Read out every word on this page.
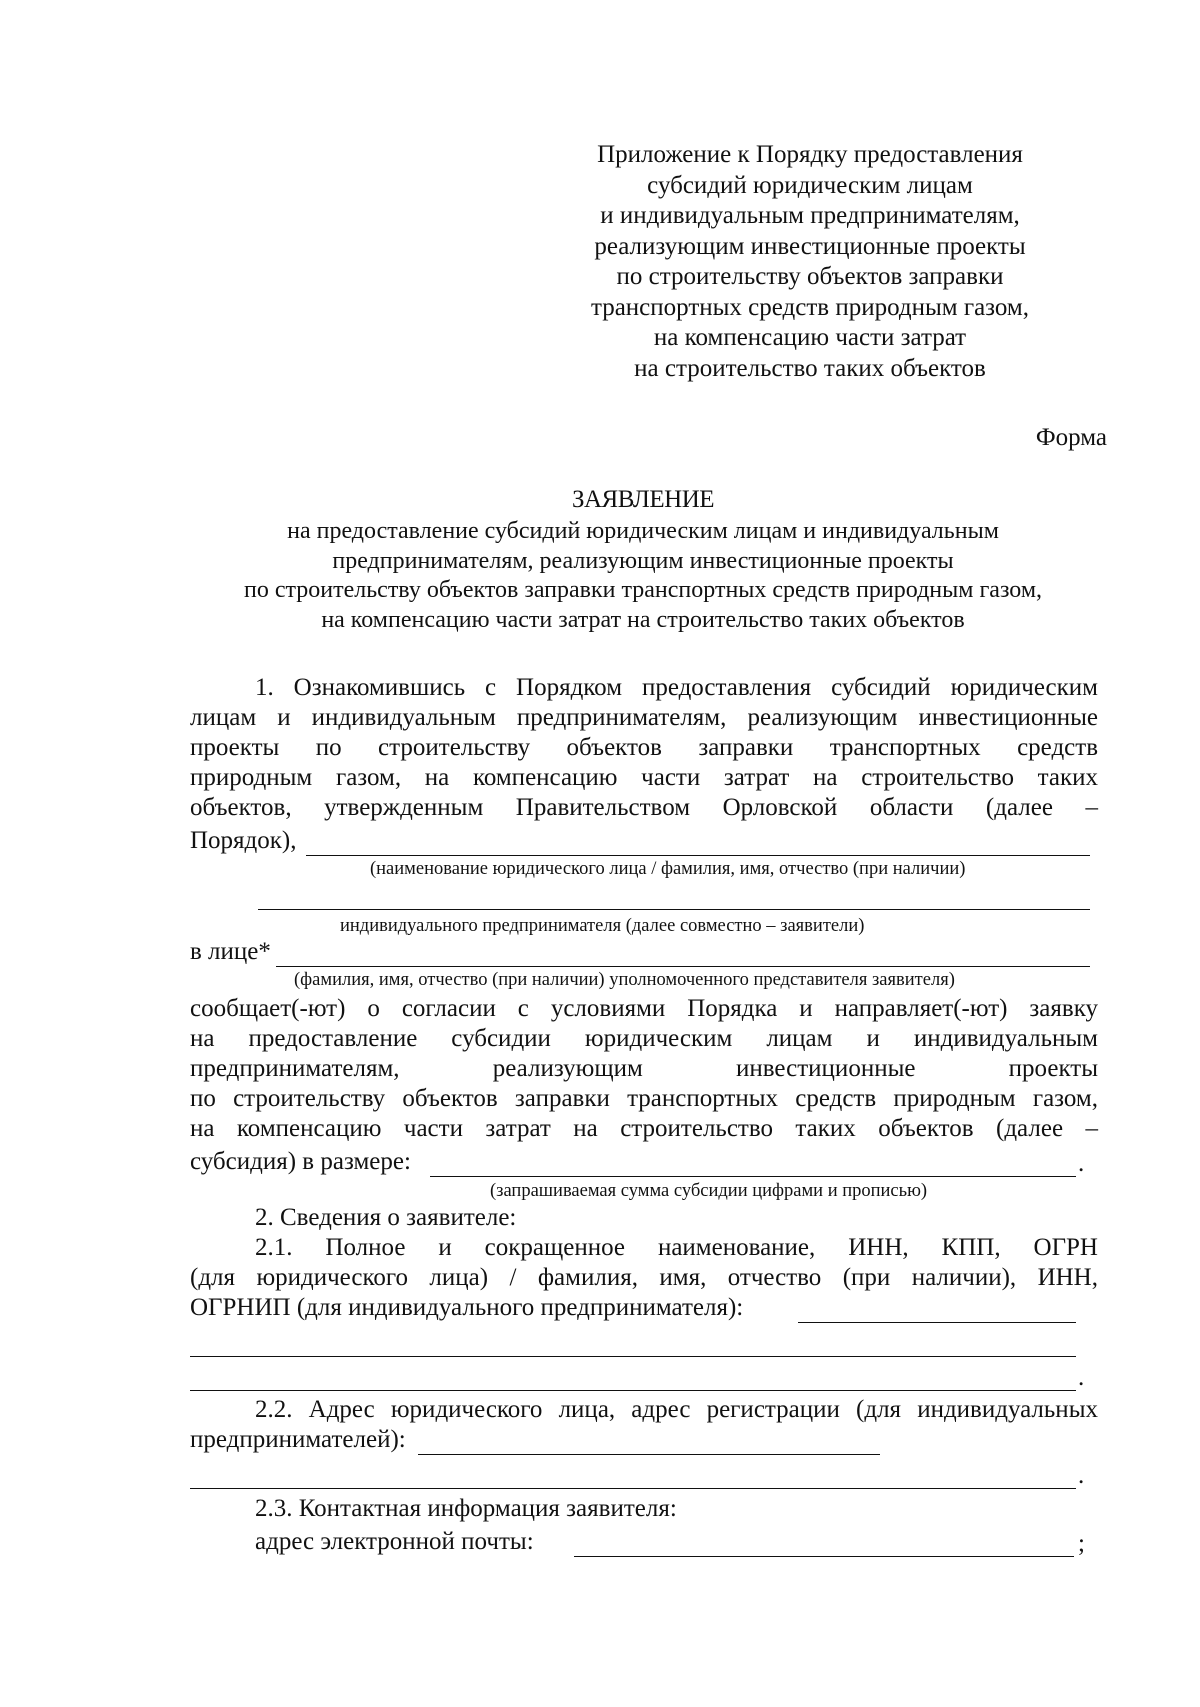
Приложение к Порядку предоставления
субсидий юридическим лицам
и индивидуальным предпринимателям,
реализующим инвестиционные проекты
по строительству объектов заправки
транспортных средств природным газом,
на компенсацию части затрат
на строительство таких объектов
Форма
ЗАЯВЛЕНИЕ
на предоставление субсидий юридическим лицам и индивидуальным
предпринимателям, реализующим инвестиционные проекты
по строительству объектов заправки транспортных средств природным газом,
на компенсацию части затрат на строительство таких объектов
1. Ознакомившись с Порядком предоставления субсидий юридическим
лицам и индивидуальным предпринимателям, реализующим инвестиционные
проекты по строительству объектов заправки транспортных средств
природным газом, на компенсацию части затрат на строительство таких
объектов, утвержденным Правительством Орловской области (далее –
Порядок),
(наименование юридического лица / фамилия, имя, отчество (при наличии)
индивидуального предпринимателя (далее совместно – заявители)
в лице*
(фамилия, имя, отчество (при наличии) уполномоченного представителя заявителя)
сообщает(-ют) о согласии с условиями Порядка и направляет(-ют) заявку
на предоставление субсидии юридическим лицам и индивидуальным
предпринимателям, реализующим инвестиционные проекты
по строительству объектов заправки транспортных средств природным газом,
на компенсацию части затрат на строительство таких объектов (далее –
субсидия) в размере:	.
(запрашиваемая сумма субсидии цифрами и прописью)
2. Сведения о заявителе:
2.1. Полное и сокращенное наименование, ИНН, КПП, ОГРН
(для юридического лица) / фамилия, имя, отчество (при наличии), ИНН,
ОГРНИП (для индивидуального предпринимателя):
.
2.2. Адрес юридического лица, адрес регистрации (для индивидуальных
предпринимателей):
.
2.3. Контактная информация заявителя:
адрес электронной почты:	;
